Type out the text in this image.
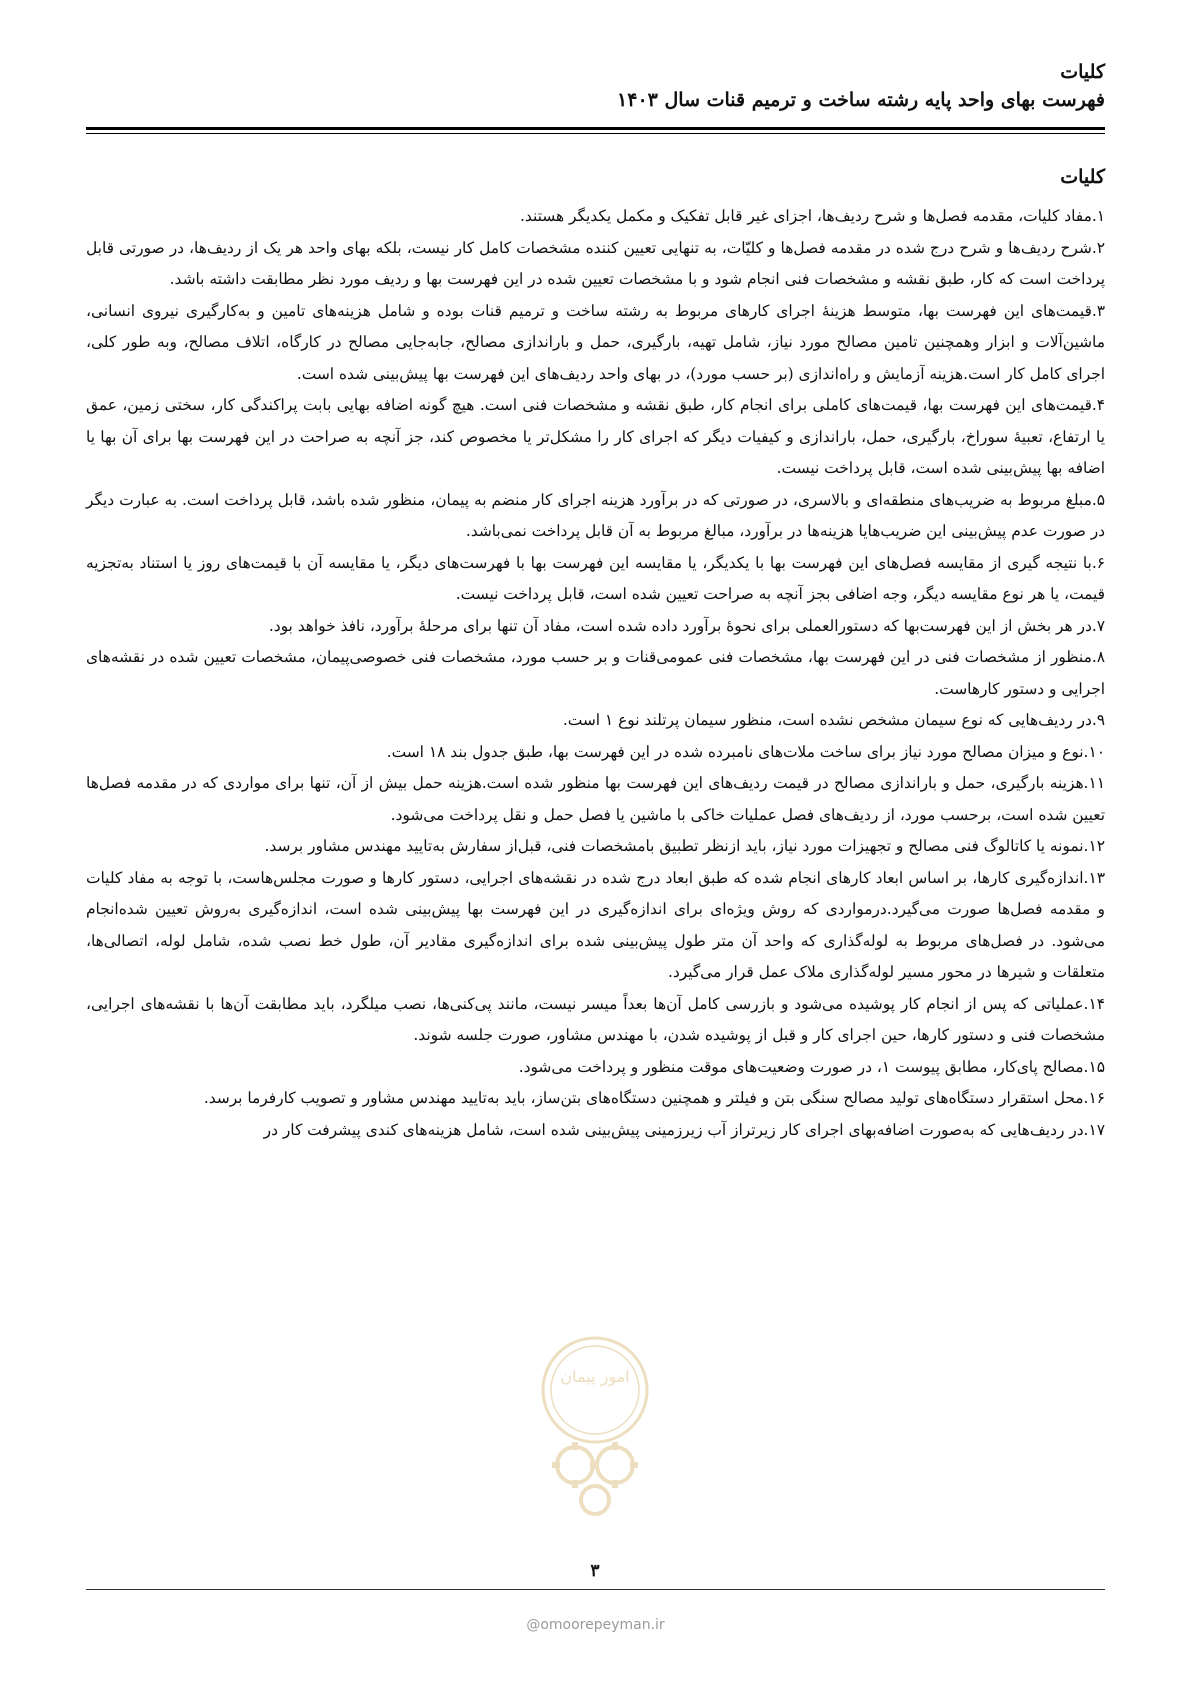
کلیات
فهرست بهای واحد پایه رشته ساخت و ترمیم قنات سال ۱۴۰۳
کلیات

۱.مفاد کلیات، مقدمه فصل‌ها و شرح ردیف‌ها، اجزای غیر قابل تفکیک و مکمل یکدیگر هستند.

۲.شرح ردیف‌ها و شرح درج شده در مقدمه فصل‌ها و کلیّات، به تنهایی تعیین کننده مشخصات کامل کار نیست، بلکه بهای واحد هر یک از ردیف‌ها، در صورتی قابل پرداخت است که کار، طبق نقشه و مشخصات فنی انجام شود و با مشخصات تعیین شده در این فهرست بها و ردیف مورد نظر مطابقت داشته باشد.

۳.قیمت‌های این فهرست بها، متوسط هزینهٔ اجرای کارهای مربوط به رشته ساخت و ترمیم قنات بوده و شامل هزینه‌های تامین و به‌کارگیری نیروی انسانی، ماشین‌آلات و ابزار وهمچنین تامین مصالح مورد نیاز، شامل تهیه، بارگیری، حمل و باراندازی مصالح، جابه‌جایی مصالح در کارگاه، اتلاف مصالح، وبه طور کلی، اجرای کامل کار است.هزینه آزمایش و راه‌اندازی (بر حسب مورد)، در بهای واحد ردیف‌های این فهرست بها پیش‌بینی شده است.

۴.قیمت‌های این فهرست بها، قیمت‌های کاملی برای انجام کار، طبق نقشه و مشخصات فنی است. هیچ گونه اضافه بهایی بابت پراکندگی کار، سختی زمین، عمق یا ارتفاع، تعبیهٔ سوراخ، بارگیری، حمل، باراندازی و کیفیات دیگر که اجرای کار را مشکل‌تر یا مخصوص کند، جز آنچه به صراحت در این فهرست بها برای آن بها یا اضافه بها پیش‌بینی شده است، قابل پرداخت نیست.

۵.مبلغ مربوط به ضریب‌های منطقه‌ای و بالاسری، در صورتی که در برآورد هزینه اجرای کار منضم به پیمان، منظور شده باشد، قابل پرداخت است. به عبارت دیگر در صورت عدم پیش‌بینی این ضریب‌هایا هزینه‌ها در برآورد، مبالغ مربوط به آن قابل پرداخت نمی‌باشد.

۶.با نتیجه گیری از مقایسه فصل‌های این فهرست بها با یکدیگر، یا مقایسه این فهرست بها با فهرست‌های دیگر، یا مقایسه آن با قیمت‌های روز یا استناد به‌تجزیه قیمت، یا هر نوع مقایسه دیگر، وجه اضافی بجز آنچه به صراحت تعیین شده است، قابل پرداخت نیست.

۷.در هر بخش از این فهرست‌بها که دستورالعملی برای نحوهٔ برآورد داده شده است، مفاد آن تنها برای مرحلهٔ برآورد، نافذ خواهد بود.

۸.منظور از مشخصات فنی در این فهرست بها، مشخصات فنی عمومی‌قنات و بر حسب مورد، مشخصات فنی خصوصی‌پیمان، مشخصات تعیین شده در نقشه‌های اجرایی و دستور کارهاست.

۹.در ردیف‌هایی که نوع سیمان مشخص نشده است، منظور سیمان پرتلند نوع ۱ است.

۱۰.نوع و میزان مصالح مورد نیاز برای ساخت ملات‌های نامبرده شده در این فهرست بها، طبق جدول بند ۱۸ است.

۱۱.هزینه بارگیری، حمل و باراندازی مصالح در قیمت ردیف‌های این فهرست بها منظور شده است.هزینه حمل بیش از آن، تنها برای مواردی که در مقدمه فصل‌ها تعیین شده است، برحسب مورد، از ردیف‌های فصل عملیات خاکی با ماشین یا فصل حمل و نقل پرداخت می‌شود.

۱۲.نمونه یا کاتالوگ فنی مصالح و تجهیزات مورد نیاز، باید ازنظر تطبیق بامشخصات فنی، قبل‌از سفارش به‌تایید مهندس مشاور برسد.

۱۳.اندازه‌گیری کارها، بر اساس ابعاد کارهای انجام شده که طبق ابعاد درج شده در نقشه‌های اجرایی، دستور کارها و صورت مجلس‌هاست، با توجه به مفاد کلیات و مقدمه فصل‌ها صورت می‌گیرد.درمواردی که روش ویژه‌ای برای اندازه‌گیری در این فهرست بها پیش‌بینی شده است، اندازه‌گیری به‌روش تعیین شده‌انجام می‌شود. در فصل‌های مربوط به لوله‌گذاری که واحد آن متر طول پیش‌بینی شده برای اندازه‌گیری مقادیر آن، طول خط نصب شده، شامل لوله، اتصالی‌ها، متعلقات و شیرها در محور مسیر لوله‌گذاری ملاک عمل قرار می‌گیرد.

۱۴.عملیاتی که پس از انجام کار پوشیده می‌شود و بازرسی کامل آن‌ها بعداً میسر نیست، مانند پی‌کنی‌ها، نصب میلگرد، باید مطابقت آن‌ها با نقشه‌های اجرایی، مشخصات فنی و دستور کارها، حین اجرای کار و قبل از پوشیده شدن، با مهندس مشاور، صورت جلسه شوند.

۱۵.مصالح پای‌کار، مطابق پیوست ۱، در صورت وضعیت‌های موقت منظور و پرداخت می‌شود.

۱۶.محل استقرار دستگاه‌های تولید مصالح سنگی بتن و فیلتر و همچنین دستگاه‌های بتن‌ساز، باید به‌تایید مهندس مشاور و تصویب کارفرما برسد.

۱۷.در ردیف‌هایی که به‌صورت اضافه‌بهای اجرای کار زیرتراز آب زیرزمینی پیش‌بینی شده است، شامل هزینه‌های کندی پیشرفت کار در

امور پیمان
۳
@omoorepeyman.ir
